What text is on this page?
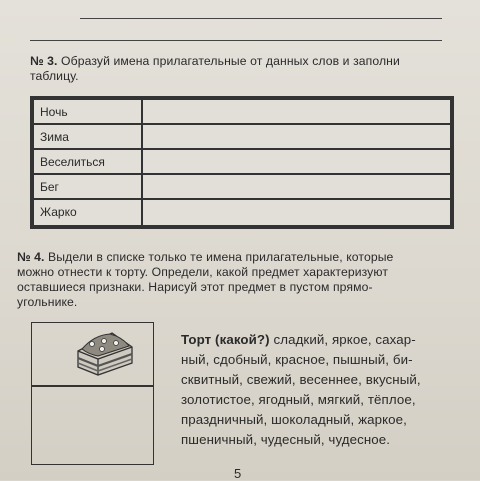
№ 3. Образуй имена прилагательные от данных слов и заполни
таблицу.
Ночь
Зима
Веселиться
Бег
Жарко
№ 4. Выдели в списке только те имена прилагательные, которые
можно отнести к торту. Определи, какой предмет характеризуют
оставшиеся признаки. Нарисуй этот предмет в пустом прямо-
угольнике.
Торт (какой?) сладкий, яркое, сахар-
ный, сдобный, красное, пышный, би-
сквитный, свежий, весеннее, вкусный,
золотистое, ягодный, мягкий, тёплое,
праздничный, шоколадный, жаркое,
пшеничный, чудесный, чудесное.
5
